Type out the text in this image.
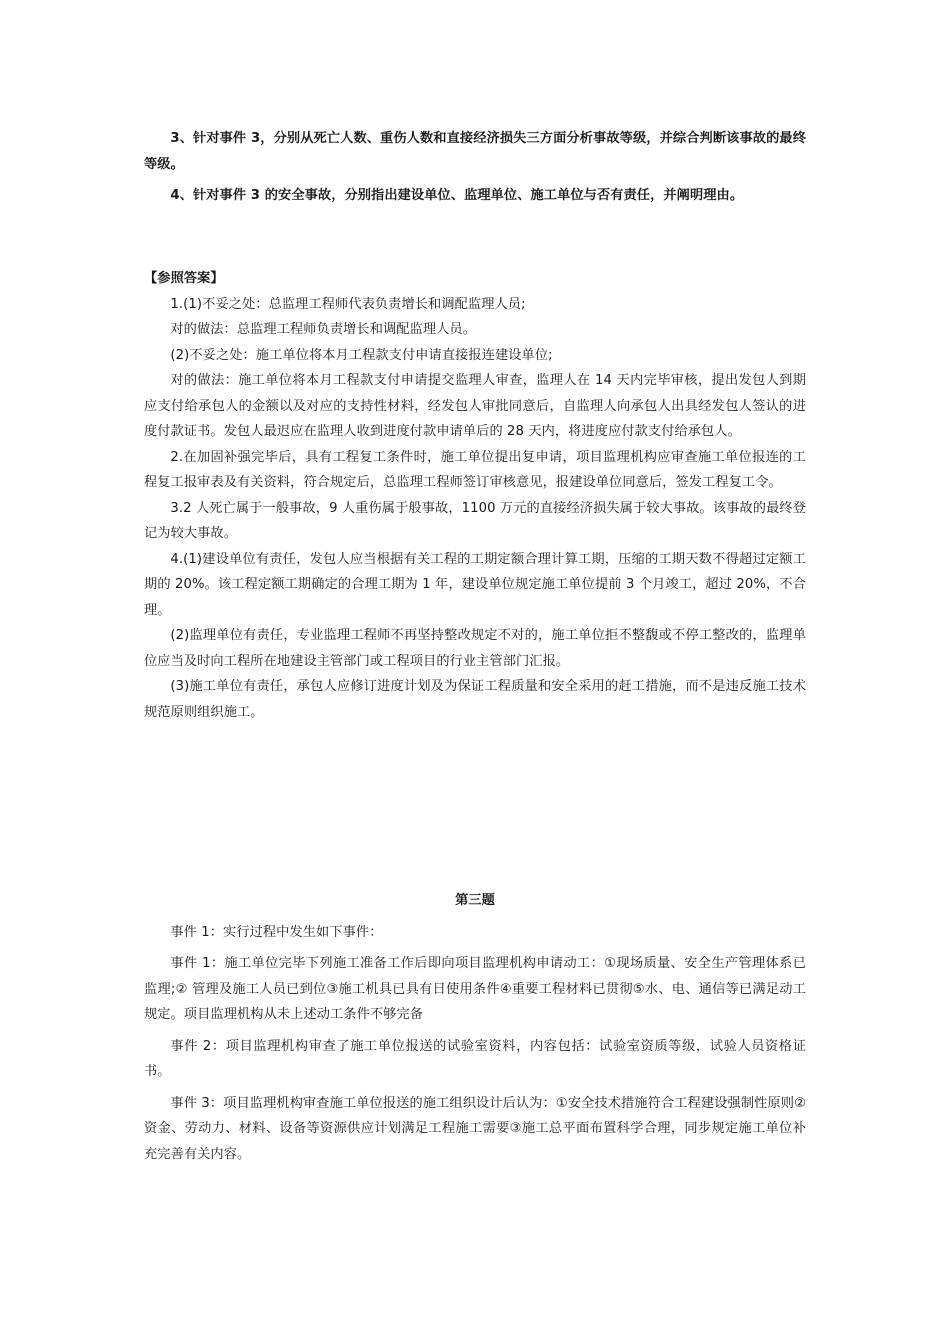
3、针对事件 3，分别从死亡人数、重伤人数和直接经济损失三方面分析事故等级，并综合判断该事故的最终等级。

4、针对事件 3 的安全事故，分别指出建设单位、监理单位、施工单位与否有责任，并阐明理由。

【参照答案】

1.(1)不妥之处：总监理工程师代表负责增长和调配监理人员;

对的做法：总监理工程师负责增长和调配监理人员。

(2)不妥之处：施工单位将本月工程款支付申请直接报连建设单位;

对的做法：施工单位将本月工程款支付申请提交监理人审查，监理人在 14 天内完毕审核，提出发包人到期应支付给承包人的金额以及对应的支持性材料，经发包人审批同意后，自监理人向承包人出具经发包人签认的进度付款证书。发包人最迟应在监理人收到进度付款申请单后的 28 天内，将进度应付款支付给承包人。

2.在加固补强完毕后，具有工程复工条件时，施工单位提出复申请，项目监理机构应审查施工单位报连的工程复工报审表及有关资料，符合规定后，总监理工程师签订审核意见，报建设单位同意后，签发工程复工令。

3.2 人死亡属于一般事故，9 人重伤属于般事故，1100 万元的直接经济损失属于较大事故。该事故的最终登记为较大事故。

4.(1)建设单位有责任，发包人应当根据有关工程的工期定额合理计算工期，压缩的工期天数不得超过定额工期的 20%。该工程定额工期确定的合理工期为 1 年，建设单位规定施工单位提前 3 个月竣工，超过 20%，不合理。

(2)监理单位有责任，专业监理工程师不再坚持整改规定不对的，施工单位拒不整馥或不停工整改的，监理单位应当及时向工程所在地建设主管部门或工程项目的行业主管部门汇报。

(3)施工单位有责任，承包人应修订进度计划及为保证工程质量和安全采用的赶工措施，而不是违反施工技术规范原则组织施工。

第三题

事件 1：实行过程中发生如下事件：

事件 1：施工单位完毕下列施工准备工作后即向项目监理机构申请动工：①现场质量、安全生产管理体系已监理;② 管理及施工人员已到位③施工机具已具有日使用条件④重要工程材料已贯彻⑤水、电、通信等已满足动工规定。项目监理机构从未上述动工条件不够完备

事件 2：项目监理机构审查了施工单位报送的试验室资料，内容包括：试验室资质等级，试验人员资格证书。

事件 3：项目监理机构审查施工单位报送的施工组织设计后认为：①安全技术措施符合工程建设强制性原则②资金、劳动力、材料、设备等资源供应计划满足工程施工需要③施工总平面布置科学合理，同步规定施工单位补充完善有关内容。
